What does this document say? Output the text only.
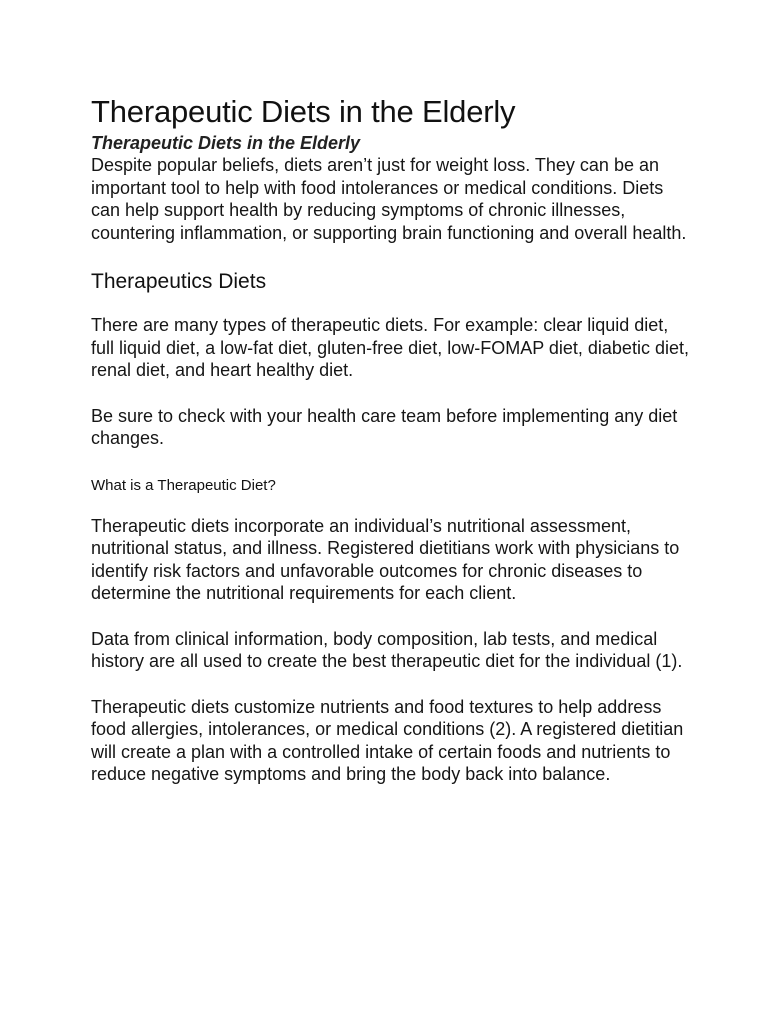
Therapeutic Diets in the Elderly

Therapeutic Diets in the Elderly

Despite popular beliefs, diets aren’t just for weight loss. They can be an important tool to help with food intolerances or medical conditions. Diets can help support health by reducing symptoms of chronic illnesses, countering inflammation, or supporting brain functioning and overall health.

Therapeutics Diets

There are many types of therapeutic diets. For example: clear liquid diet, full liquid diet, a low-fat diet, gluten-free diet, low-FOMAP diet, diabetic diet, renal diet, and heart healthy diet.

Be sure to check with your health care team before implementing any diet changes.

What is a Therapeutic Diet?

Therapeutic diets incorporate an individual’s nutritional assessment, nutritional status, and illness. Registered dietitians work with physicians to identify risk factors and unfavorable outcomes for chronic diseases to determine the nutritional requirements for each client.

Data from clinical information, body composition, lab tests, and medical history are all used to create the best therapeutic diet for the individual (1).

Therapeutic diets customize nutrients and food textures to help address food allergies, intolerances, or medical conditions (2). A registered dietitian will create a plan with a controlled intake of certain foods and nutrients to reduce negative symptoms and bring the body back into balance.
